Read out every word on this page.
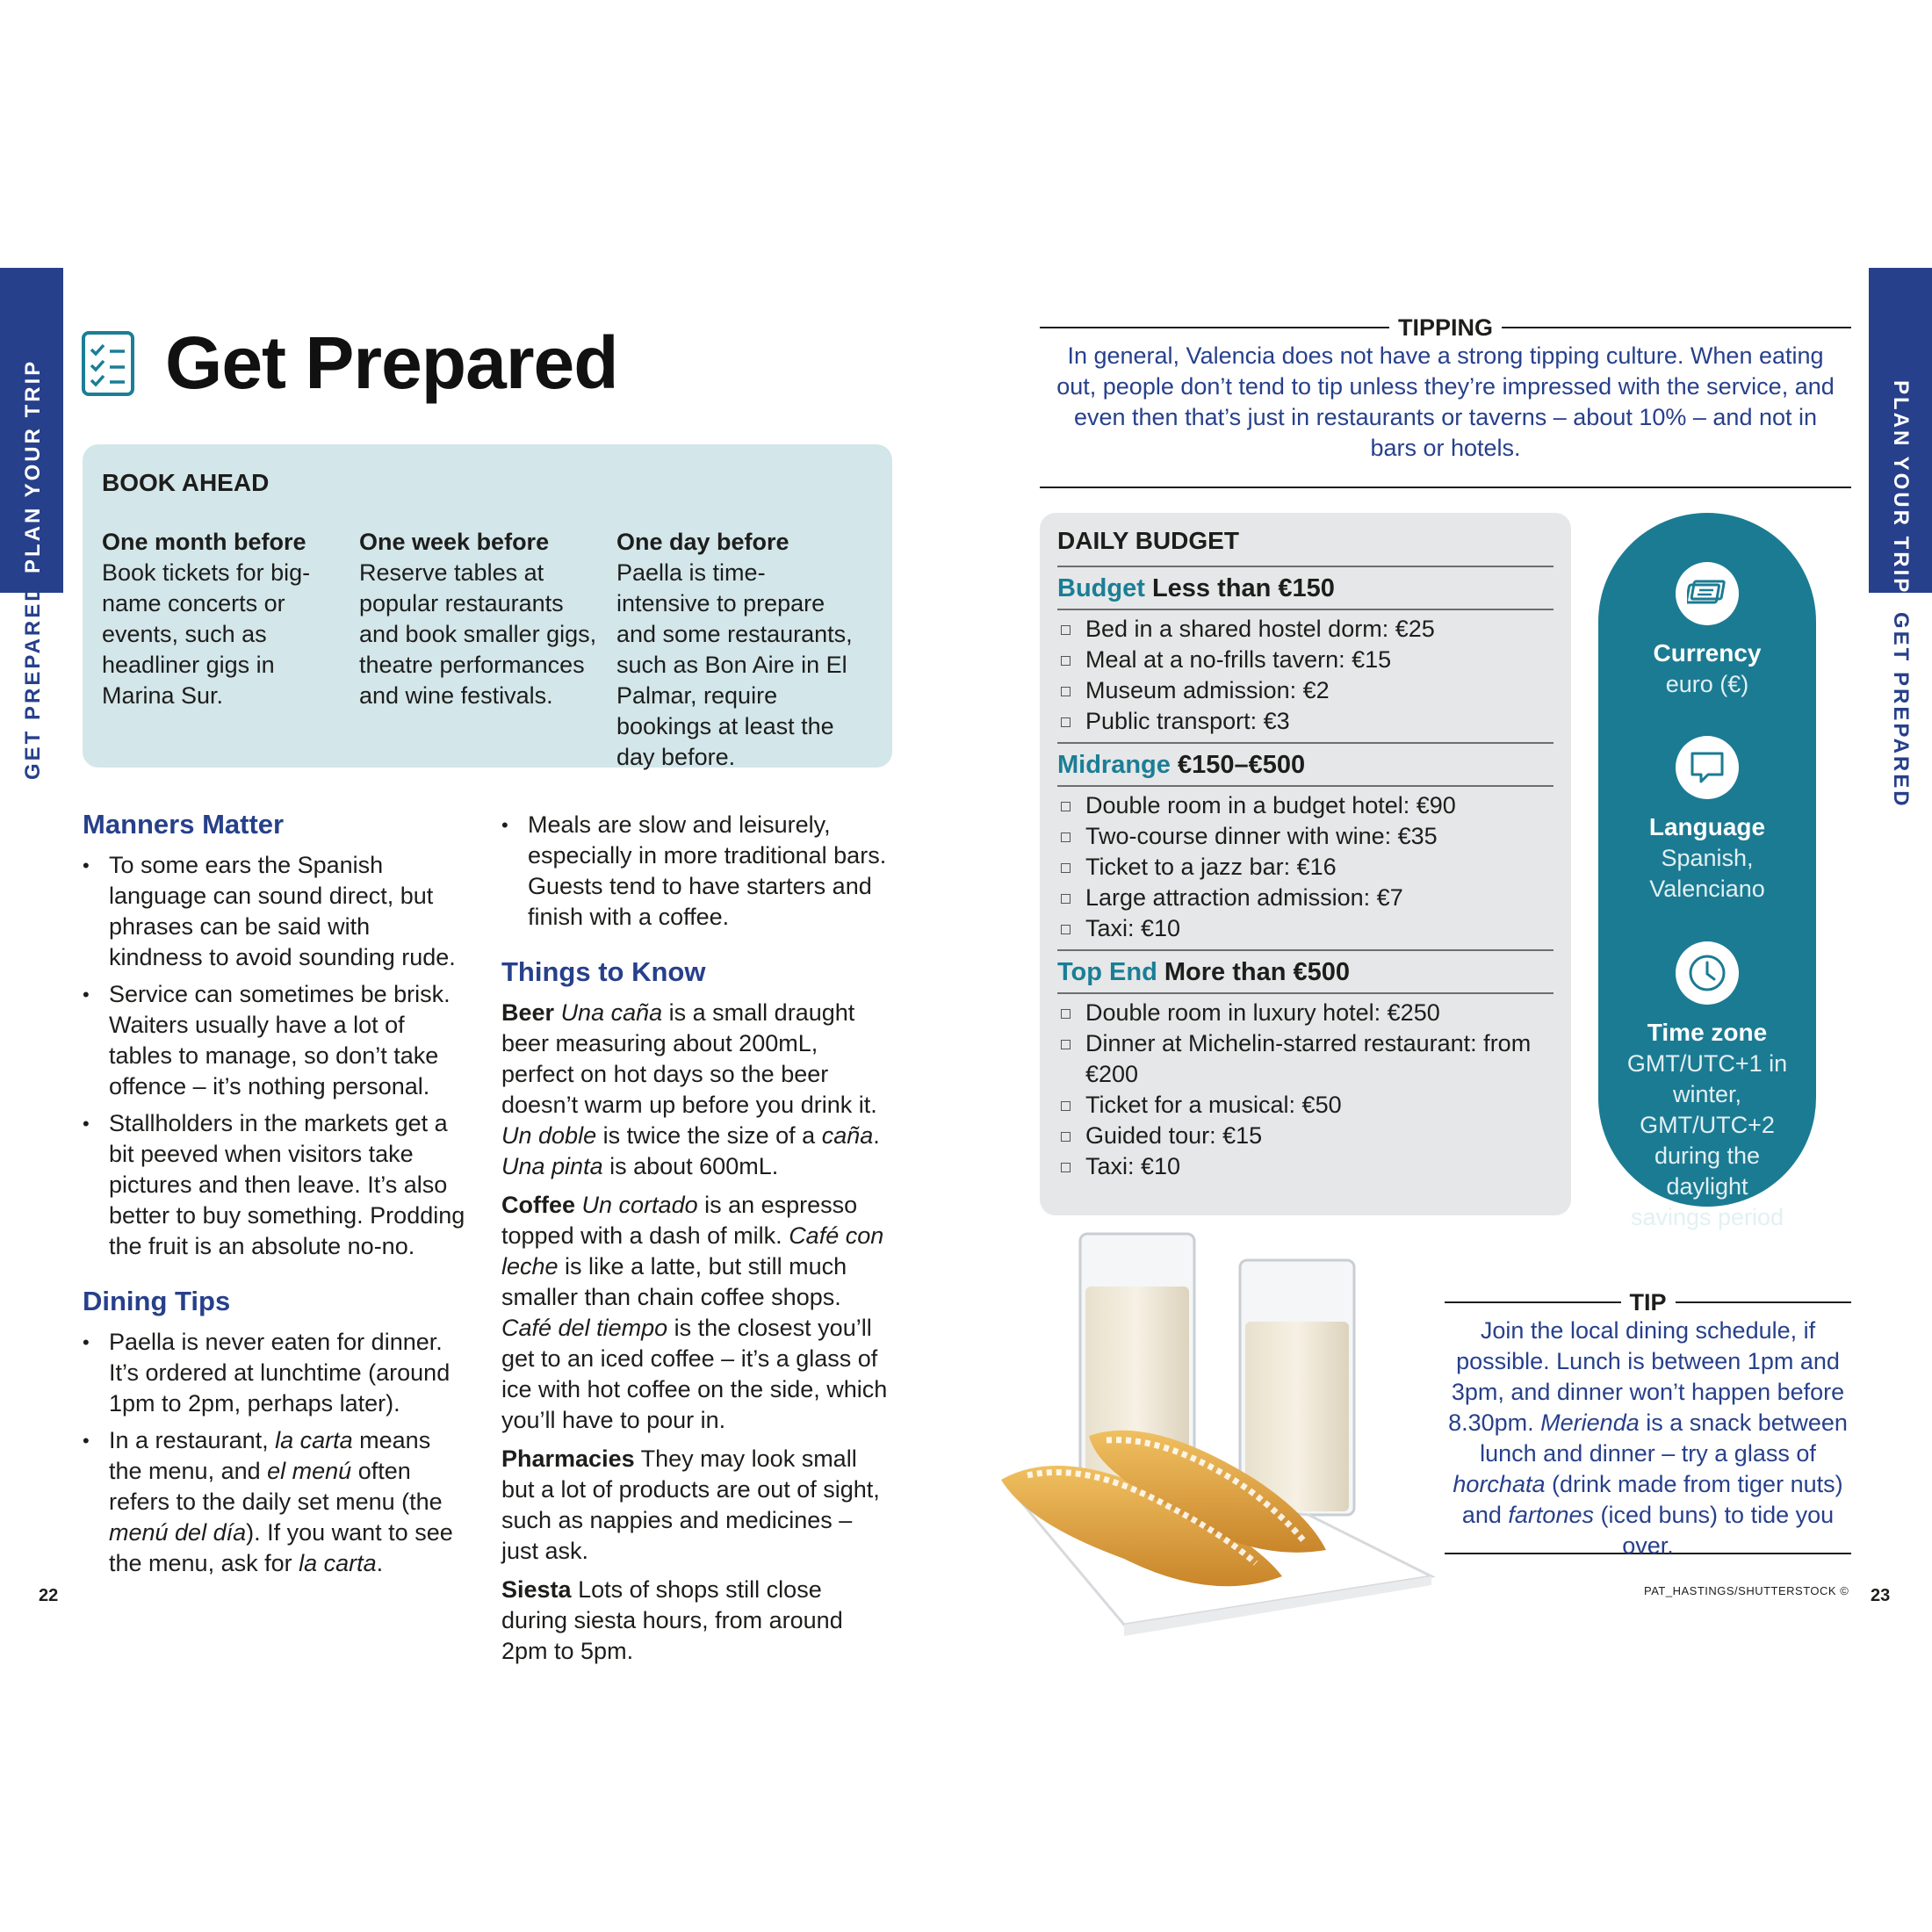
PLAN YOUR TRIP
GET PREPARED
PLAN YOUR TRIP
GET PREPARED
Get Prepared
BOOK AHEAD
One month before
Book tickets for big-name concerts or events, such as headliner gigs in Marina Sur.
One week before
Reserve tables at popular restaurants and book smaller gigs, theatre performances and wine festivals.
One day before Paella is time-intensive to prepare and some restaurants, such as Bon Aire in El Palmar, require bookings at least the day before.
Manners Matter
• To some ears the Spanish language can sound direct, but phrases can be said with kindness to avoid sounding rude.
• Service can sometimes be brisk. Waiters usually have a lot of tables to manage, so don’t take offence – it’s nothing personal.
• Stallholders in the markets get a bit peeved when visitors take pictures and then leave. It’s also better to buy something. Prodding the fruit is an absolute no-no.
Dining Tips
• Paella is never eaten for dinner. It’s ordered at lunchtime (around 1pm to 2pm, perhaps later).
• In a restaurant, la carta means the menu, and el menú often refers to the daily set menu (the menú del día). If you want to see the menu, ask for la carta.
• Meals are slow and leisurely, especially in more traditional bars. Guests tend to have starters and finish with a coffee.
Things to Know

Beer Una caña is a small draught beer measuring about 200mL, perfect on hot days so the beer doesn’t warm up before you drink it. Un doble is twice the size of a caña. Una pinta is about 600mL.

Coffee Un cortado is an espresso topped with a dash of milk. Café con leche is like a latte, but still much smaller than chain coffee shops. Café del tiempo is the closest you’ll get to an iced coffee – it’s a glass of ice with hot coffee on the side, which you’ll have to pour in.

Pharmacies They may look small but a lot of products are out of sight, such as nappies and medicines – just ask.

Siesta Lots of shops still close during siesta hours, from around 2pm to 5pm.

22
TIPPING
In general, Valencia does not have a strong tipping culture. When eating out, people don’t tend to tip unless they’re impressed with the service, and even then that’s just in restaurants or taverns – about 10% – and not in bars or hotels.
DAILY BUDGET
Budget Less than €150
Bed in a shared hostel dorm: €25
Meal at a no-frills tavern: €15
Museum admission: €2
Public transport: €3
Midrange €150–€500
Double room in a budget hotel: €90
Two-course dinner with wine: €35
Ticket to a jazz bar: €16
Large attraction admission: €7
Taxi: €10
Top End More than €500
Double room in luxury hotel: €250
Dinner at Michelin-starred restaurant: from €200
Ticket for a musical: €50
Guided tour: €15
Taxi: €10
Currency
euro (€)
Language
Spanish, Valenciano
Time zone
GMT/UTC+1 in winter, GMT/UTC+2 during the daylight savings period
TIP
Join the local dining schedule, if possible. Lunch is between 1pm and 3pm, and dinner won’t happen before 8.30pm. Merienda is a snack between lunch and dinner – try a glass of horchata (drink made from tiger nuts) and fartones (iced buns) to tide you over.
PAT_HASTINGS/SHUTTERSTOCK © 23
